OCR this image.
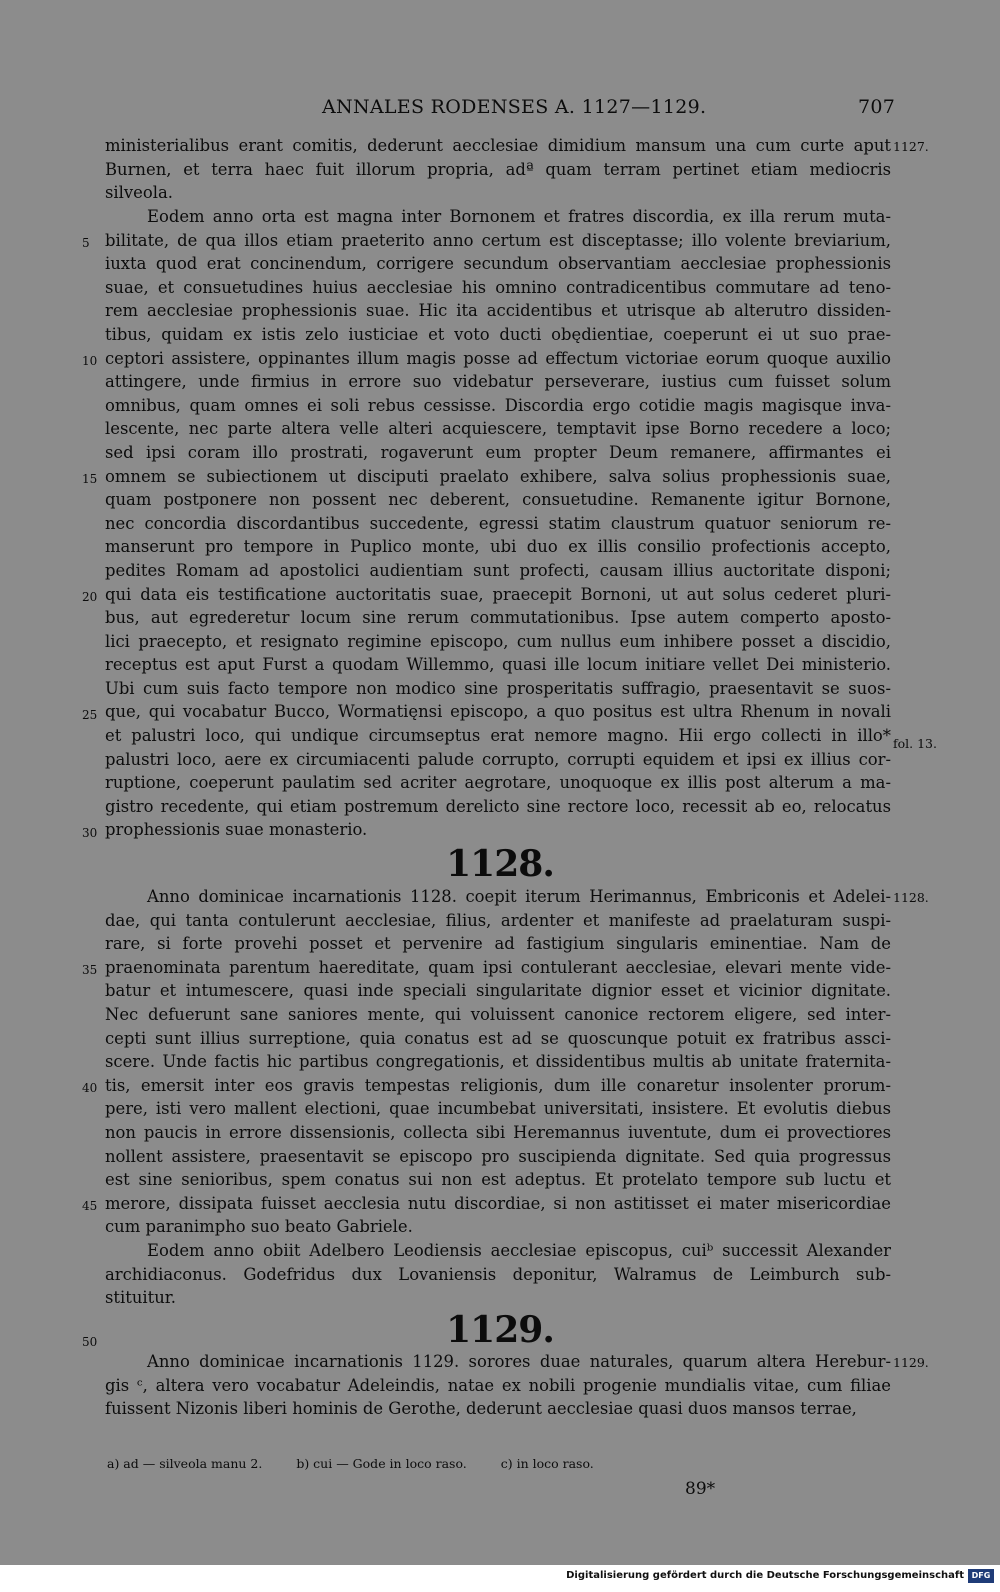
ANNALES RODENSES A. 1127—1129.	707
ministerialibus erant comitis, dederunt aecclesiae dimidium mansum una cum curte aput
Burnen, et terra haec fuit illorum propria, adª quam terram pertinet etiam mediocris
silveola.
Eodem anno orta est magna inter Bornonem et fratres discordia, ex illa rerum muta-
bilitate, de qua illos etiam praeterito anno certum est disceptasse; illo volente breviarium,
iuxta quod erat concinendum, corrigere secundum observantiam aecclesiae prophessionis
suae, et consuetudines huius aecclesiae his omnino contradicentibus commutare ad teno-
rem aecclesiae prophessionis suae. Hic ita accidentibus et utrisque ab alterutro dissiden-
tibus, quidam ex istis zelo iusticiae et voto ducti obędientiae, coeperunt ei ut suo prae-
ceptori assistere, oppinantes illum magis posse ad effectum victoriae eorum quoque auxilio
attingere, unde firmius in errore suo videbatur perseverare, iustius cum fuisset solum
omnibus, quam omnes ei soli rebus cessisse. Discordia ergo cotidie magis magisque inva-
lescente, nec parte altera velle alteri acquiescere, temptavit ipse Borno recedere a loco;
sed ipsi coram illo prostrati, rogaverunt eum propter Deum remanere, affirmantes ei
omnem se subiectionem ut disciputi praelato exhibere, salva solius prophessionis suae,
quam postponere non possent nec deberent, consuetudine. Remanente igitur Bornone,
nec concordia discordantibus succedente, egressi statim claustrum quatuor seniorum re-
manserunt pro tempore in Puplico monte, ubi duo ex illis consilio profectionis accepto,
pedites Romam ad apostolici audientiam sunt profecti, causam illius auctoritate disponi;
qui data eis testificatione auctoritatis suae, praecepit Bornoni, ut aut solus cederet pluri-
bus, aut egrederetur locum sine rerum commutationibus. Ipse autem comperto aposto-
lici praecepto, et resignato regimine episcopo, cum nullus eum inhibere posset a discidio,
receptus est aput Furst a quodam Willemmo, quasi ille locum initiare vellet Dei ministerio.
Ubi cum suis facto tempore non modico sine prosperitatis suffragio, praesentavit se suos-
que, qui vocabatur Bucco, Wormatięnsi episcopo, a quo positus est ultra Rhenum in novali
et palustri loco, qui undique circumseptus erat nemore magno. Hii ergo collecti in illo*
palustri loco, aere ex circumiacenti palude corrupto, corrupti equidem et ipsi ex illius cor-
ruptione, coeperunt paulatim sed acriter aegrotare, unoquoque ex illis post alterum a ma-
gistro recedente, qui etiam postremum derelicto sine rectore loco, recessit ab eo, relocatus
prophessionis suae monasterio.
1128.
Anno dominicae incarnationis 1128. coepit iterum Herimannus, Embriconis et Adelei-
dae, qui tanta contulerunt aecclesiae, filius, ardenter et manifeste ad praelaturam suspi-
rare, si forte provehi posset et pervenire ad fastigium singularis eminentiae. Nam de
praenominata parentum haereditate, quam ipsi contulerant aecclesiae, elevari mente vide-
batur et intumescere, quasi inde speciali singularitate dignior esset et vicinior dignitate.
Nec defuerunt sane saniores mente, qui voluissent canonice rectorem eligere, sed inter-
cepti sunt illius surreptione, quia conatus est ad se quoscunque potuit ex fratribus assci-
scere. Unde factis hic partibus congregationis, et dissidentibus multis ab unitate fraternita-
tis, emersit inter eos gravis tempestas religionis, dum ille conaretur insolenter prorum-
pere, isti vero mallent electioni, quae incumbebat universitati, insistere. Et evolutis diebus
non paucis in errore dissensionis, collecta sibi Heremannus iuventute, dum ei provectiores
nollent assistere, praesentavit se episcopo pro suscipienda dignitate. Sed quia progressus
est sine senioribus, spem conatus sui non est adeptus. Et protelato tempore sub luctu et
merore, dissipata fuisset aecclesia nutu discordiae, si non astitisset ei mater misericordiae
cum paranimpho suo beato Gabriele.
Eodem anno obiit Adelbero Leodiensis aecclesiae episcopus, cuiᵇ successit Alexander
archidiaconus. Godefridus dux Lovaniensis deponitur, Walramus de Leimburch sub-
stituitur.
1129.
Anno dominicae incarnationis 1129. sorores duae naturales, quarum altera Herebur-
gis ᶜ, altera vero vocabatur Adeleindis, natae ex nobili progenie mundialis vitae, cum filiae
fuissent Nizonis liberi hominis de Gerothe, dederunt aecclesiae quasi duos mansos terrae,
5
10
15
20
25
30
35
40
45
50
1127.
fol. 13.
1128.
1129.
a) ad — silveola manu 2.	b) cui — Gode in loco raso.	c) in loco raso.
89*
Digitalisierung gefördert durch die Deutsche Forschungsgemeinschaft DFG
